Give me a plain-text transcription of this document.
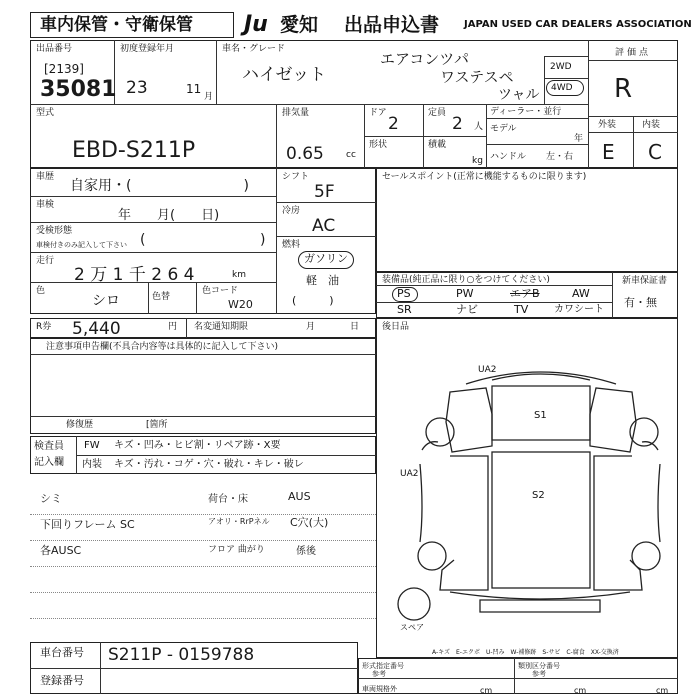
車内保管・守衛保管 Ju 愛知 出品申込書 JAPAN USED CAR DEALERS ASSOCIATION
出品番号
[2139]
35081
初度登録年月
23	11
月
車名・グレード
ハイゼット
エアコンツパ
ワステスペ
ツャル
2WD
4WD
評価点
R
型式
EBD-S211P
排気量
0.65 cc
ドア
2
定員
2 人
形状	積載
kg
ディーラー・並行
モデル
年
ハンドル 左・右
外装	内装
E C
車歴
自家用・(　　　　　　　　)
車検
年　　月(　　日)
受検形態
車検付きのみ記入して下さい (	)
走行
2 万 1 千 2 6 4	km
色
シロ	色替
色コード
W20
シフト
5F
冷房
AC
燃料
ガソリン
軽　油
(　　　)
セールスポイント(正常に機能するものに限ります)
装備品(純正品に限り○をつけてください)	新車保証書
有・無
PS	PW	エアB	AW
SR	ナビ	TV	カワシート
R券 5,440	円 名変通知期限	月	日
注意事項申告欄(不具合内容等は具体的に記入して下さい)
修復歴	[箇所
後日品
検査員
記入欄
FW キズ・凹み・ヒビ割・リペア跡・X要
内装 キズ・汚れ・コゲ・穴・破れ・キレ・破レ
シミ	荷台・床	AUS
下回りフレーム SC	アオリ・RrPネル C穴(大)
各AUSC	フロア 曲がり	係後
UA2
S1
UA2
S2
スペア
A-キズ　E-エクボ　U-凹み　W-補修跡　S-サビ　C-腐食　XX-交換済
車台番号 S211P - 0159788
登録番号
形式指定番号
参考
類別区分番号
参考
車両規格外	cm	cm	cm
